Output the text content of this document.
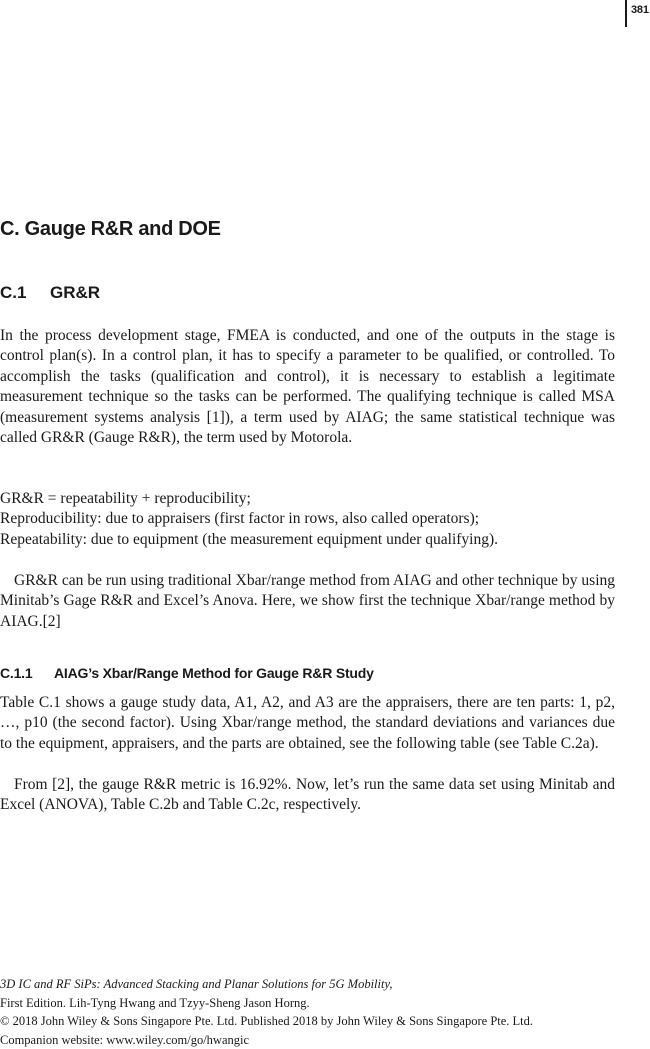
381
C. Gauge R&R and DOE
C.1 GR&R

In the process development stage, FMEA is conducted, and one of the outputs in the stage is control plan(s). In a control plan, it has to specify a parameter to be qualified, or controlled. To accomplish the tasks (qualification and control), it is necessary to establish a legitimate measurement technique so the tasks can be performed. The qualifying technique is called MSA (measurement systems analysis [1]), a term used by AIAG; the same statistical technique was called GR&R (Gauge R&R), the term used by Motorola.

GR&R = repeatability + reproducibility;
Reproducibility: due to appraisers (first factor in rows, also called operators);
Repeatability: due to equipment (the measurement equipment under qualifying).

GR&R can be run using traditional Xbar/range method from AIAG and other technique by using Minitab’s Gage R&R and Excel’s Anova. Here, we show first the technique Xbar/range method by AIAG.[2]

C.1.1 AIAG’s Xbar/Range Method for Gauge R&R Study

Table C.1 shows a gauge study data, A1, A2, and A3 are the appraisers, there are ten parts: 1, p2, …, p10 (the second factor). Using Xbar/range method, the standard deviations and variances due to the equipment, appraisers, and the parts are obtained, see the following table (see Table C.2a).

From [2], the gauge R&R metric is 16.92%. Now, let’s run the same data set using Minitab and Excel (ANOVA), Table C.2b and Table C.2c, respectively.

3D IC and RF SiPs: Advanced Stacking and Planar Solutions for 5G Mobility,
First Edition. Lih-Tyng Hwang and Tzyy-Sheng Jason Horng.
© 2018 John Wiley & Sons Singapore Pte. Ltd. Published 2018 by John Wiley & Sons Singapore Pte. Ltd.
Companion website: www.wiley.com/go/hwangic
